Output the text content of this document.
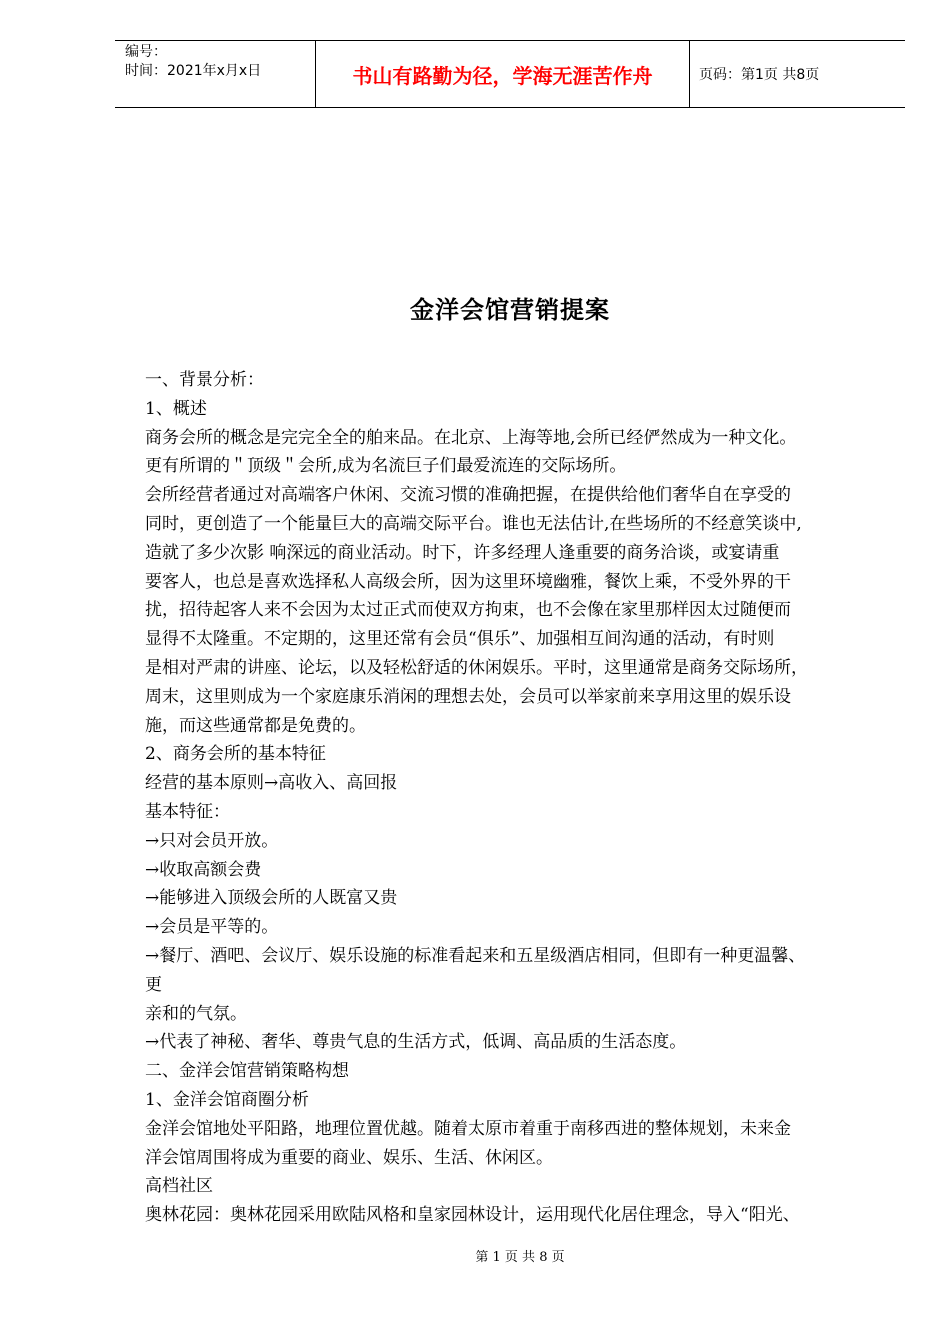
编号：
时间：2021年x月x日	书山有路勤为径，学海无涯苦作舟	页码：第1页 共8页
金洋会馆营销提案

一、背景分析：

1、概述

商务会所的概念是完完全全的舶来品。在北京、上海等地,会所已经俨然成为一种文化。

更有所谓的＂顶级＂会所,成为名流巨子们最爱流连的交际场所。

会所经营者通过对高端客户休闲、交流习惯的准确把握，在提供给他们奢华自在享受的

同时，更创造了一个能量巨大的高端交际平台。谁也无法估计,在些场所的不经意笑谈中,

造就了多少次影 响深远的商业活动。时下，许多经理人逢重要的商务洽谈，或宴请重

要客人，也总是喜欢选择私人高级会所，因为这里环境幽雅，餐饮上乘，不受外界的干

扰，招待起客人来不会因为太过正式而使双方拘束，也不会像在家里那样因太过随便而

显得不太隆重。不定期的，这里还常有会员“俱乐”、加强相互间沟通的活动，有时则

是相对严肃的讲座、论坛，以及轻松舒适的休闲娱乐。平时，这里通常是商务交际场所，

周末，这里则成为一个家庭康乐消闲的理想去处，会员可以举家前来享用这里的娱乐设

施，而这些通常都是免费的。

2、商务会所的基本特征

经营的基本原则→高收入、高回报

基本特征：

→只对会员开放。

→收取高额会费

→能够进入顶级会所的人既富又贵

→会员是平等的。

→餐厅、酒吧、会议厅、娱乐设施的标准看起来和五星级酒店相同，但即有一种更温馨、

更

亲和的气氛。

→代表了神秘、奢华、尊贵气息的生活方式，低调、高品质的生活态度。

二、金洋会馆营销策略构想

1、金洋会馆商圈分析

金洋会馆地处平阳路，地理位置优越。随着太原市着重于南移西进的整体规划，未来金

洋会馆周围将成为重要的商业、娱乐、生活、休闲区。

高档社区

奥林花园：奥林花园采用欧陆风格和皇家园林设计，运用现代化居住理念，导入“阳光、

第 1 页 共 8 页
